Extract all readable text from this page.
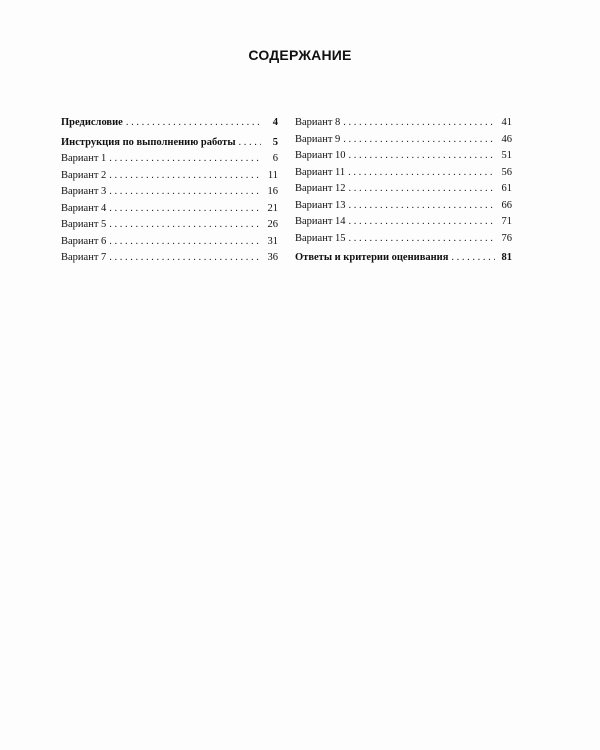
СОДЕРЖАНИЕ
Предисловие . . .	4
Инструкция по выполнению работы . . .	5
Вариант 1 . . .	6
Вариант 2 . . .	11
Вариант 3 . . .	16
Вариант 4 . . .	21
Вариант 5 . . .	26
Вариант 6 . . .	31
Вариант 7 . . .	36
Вариант 8 . . .	41
Вариант 9 . . .	46
Вариант 10 . . .	51
Вариант 11 . . .	56
Вариант 12 . . .	61
Вариант 13 . . .	66
Вариант 14 . . .	71
Вариант 15 . . .	76
Ответы и критерии оценивания . . .	81
